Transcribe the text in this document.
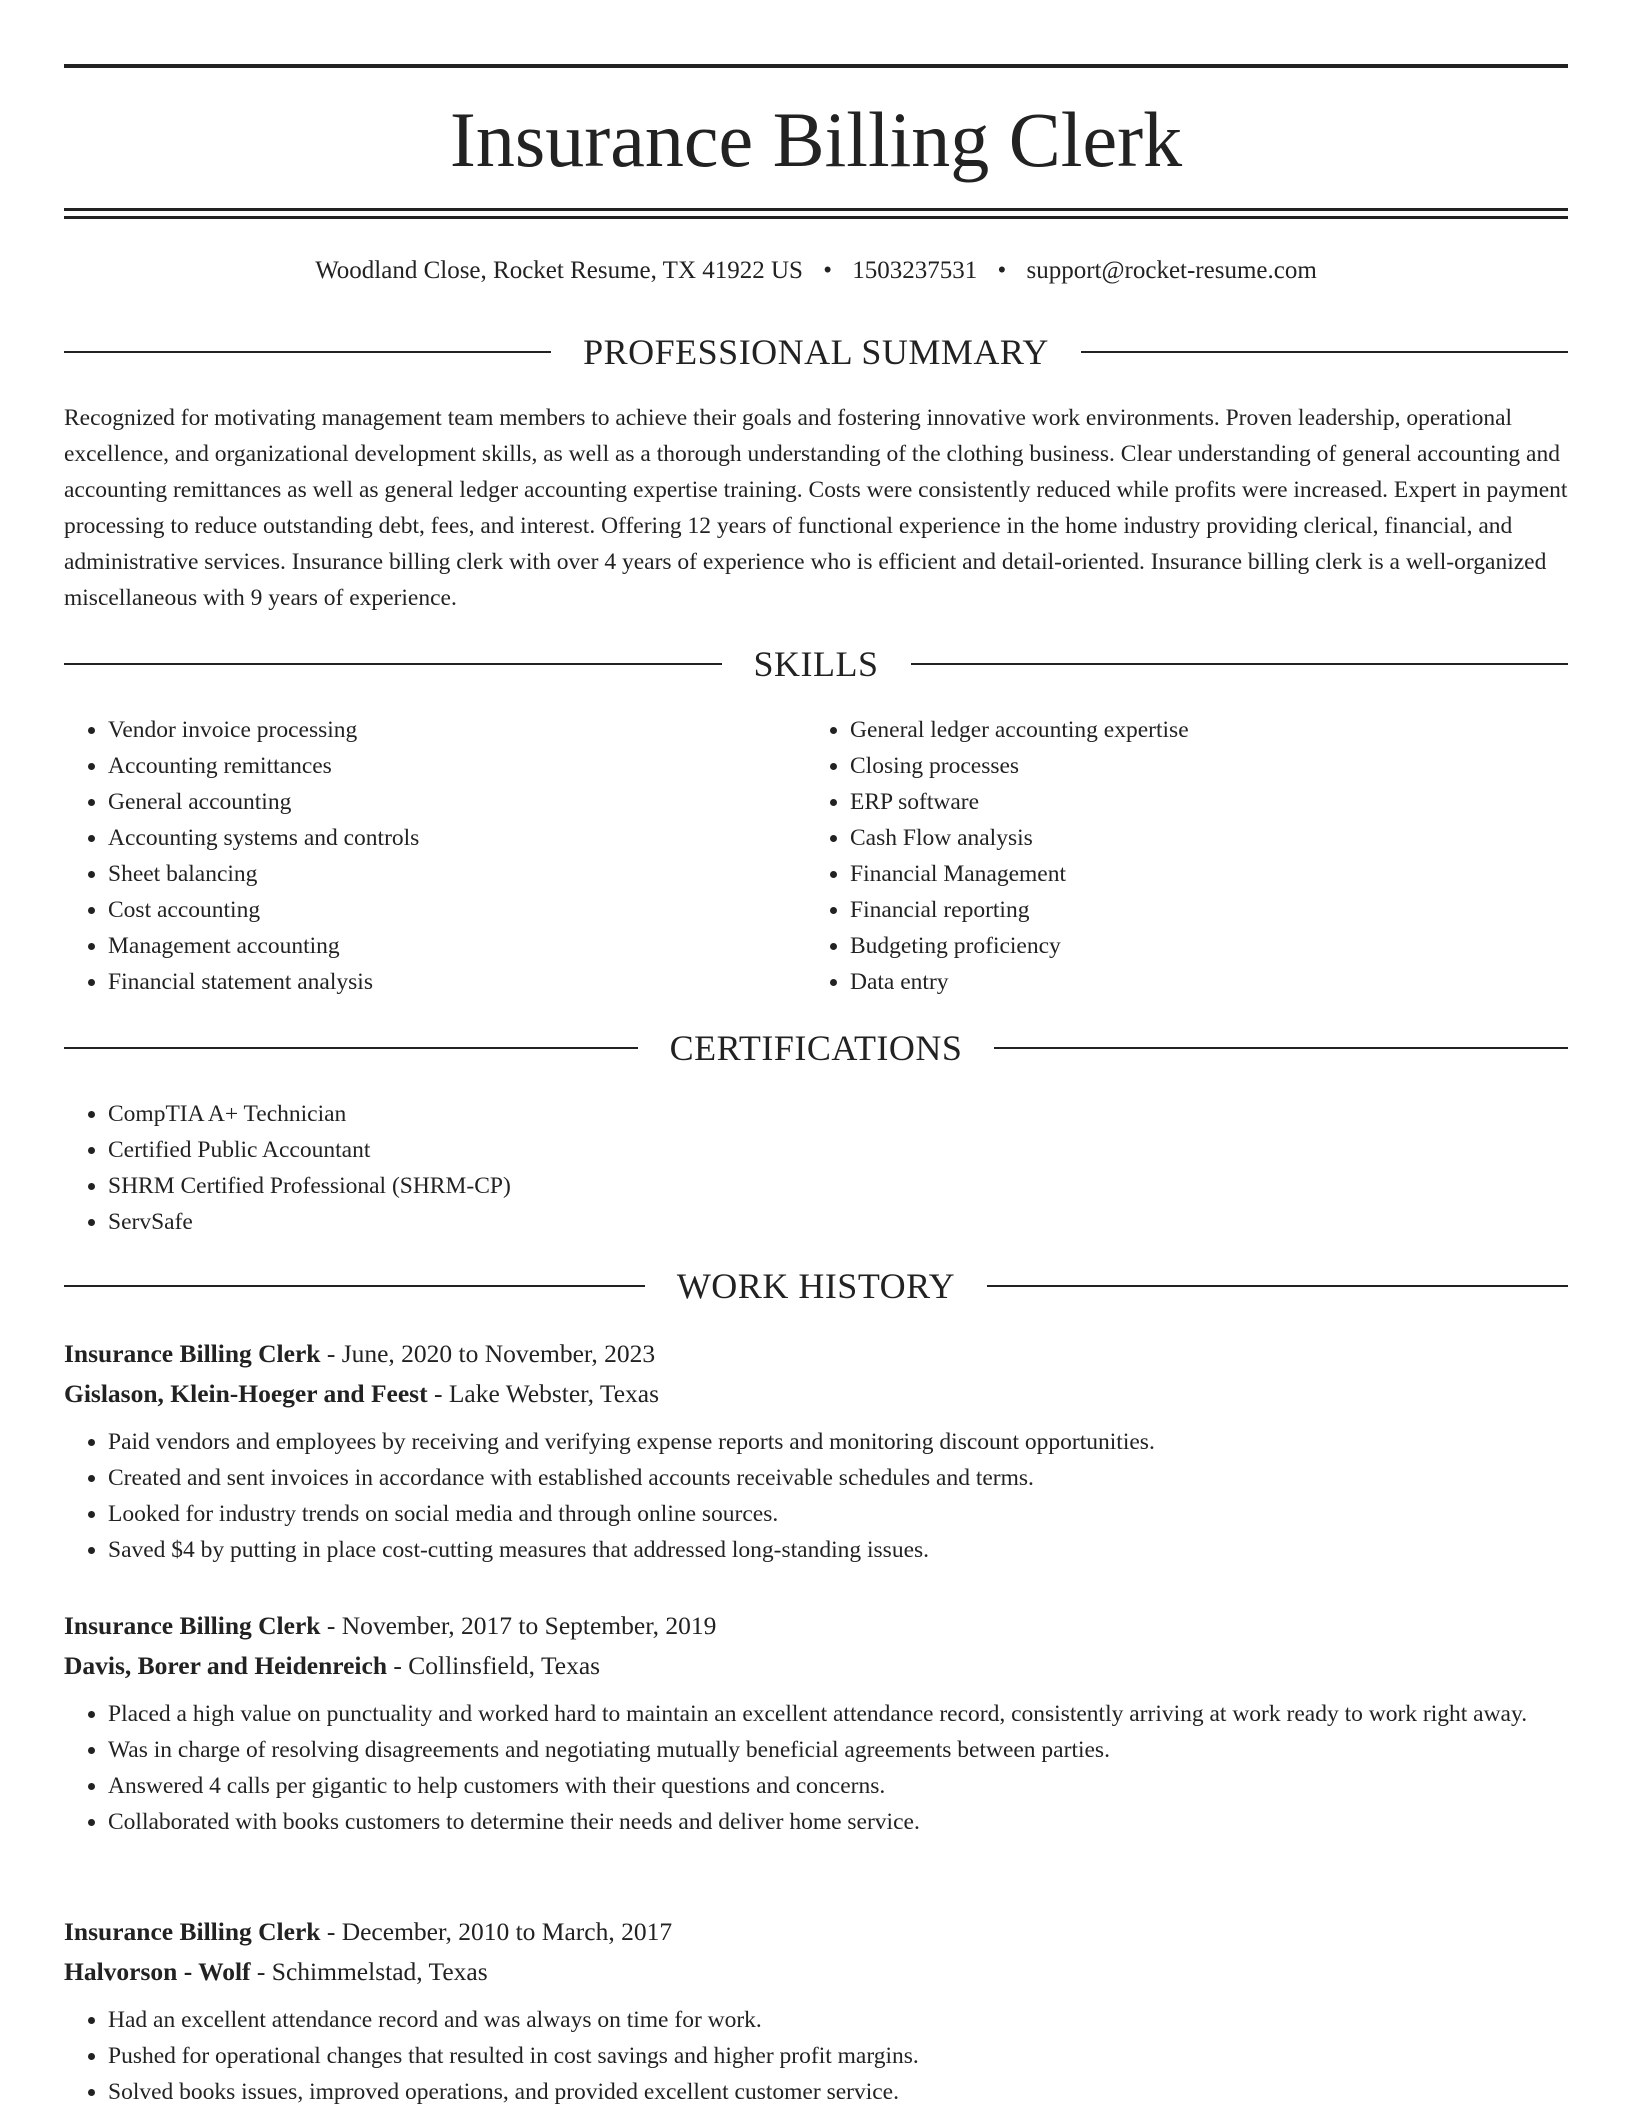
Insurance Billing Clerk
Woodland Close, Rocket Resume, TX 41922 US • 1503237531 • support@rocket-resume.com
PROFESSIONAL SUMMARY

Recognized for motivating management team members to achieve their goals and fostering innovative work environments. Proven leadership, operational excellence, and organizational development skills, as well as a thorough understanding of the clothing business. Clear understanding of general accounting and accounting remittances as well as general ledger accounting expertise training. Costs were consistently reduced while profits were increased. Expert in payment processing to reduce outstanding debt, fees, and interest. Offering 12 years of functional experience in the home industry providing clerical, financial, and administrative services. Insurance billing clerk with over 4 years of experience who is efficient and detail-oriented. Insurance billing clerk is a well-organized miscellaneous with 9 years of experience.

SKILLS
• Vendor invoice processing
• Accounting remittances
• General accounting
• Accounting systems and controls
• Sheet balancing
• Cost accounting
• Management accounting
• Financial statement analysis
• General ledger accounting expertise
• Closing processes
• ERP software
• Cash Flow analysis
• Financial Management
• Financial reporting
• Budgeting proficiency
• Data entry
CERTIFICATIONS
• CompTIA A+ Technician
• Certified Public Accountant
• SHRM Certified Professional (SHRM-CP)
• ServSafe
WORK HISTORY
Insurance Billing Clerk - June, 2020 to November, 2023
Gislason, Klein-Hoeger and Feest - Lake Webster, Texas
• Paid vendors and employees by receiving and verifying expense reports and monitoring discount opportunities.
• Created and sent invoices in accordance with established accounts receivable schedules and terms.
• Looked for industry trends on social media and through online sources.
• Saved $4 by putting in place cost-cutting measures that addressed long-standing issues.
Insurance Billing Clerk - November, 2017 to September, 2019
Davis, Borer and Heidenreich - Collinsfield, Texas
• Placed a high value on punctuality and worked hard to maintain an excellent attendance record, consistently arriving at work ready to work right away.
• Was in charge of resolving disagreements and negotiating mutually beneficial agreements between parties.
• Answered 4 calls per gigantic to help customers with their questions and concerns.
• Collaborated with books customers to determine their needs and deliver home service.
Insurance Billing Clerk - December, 2010 to March, 2017
Halvorson - Wolf - Schimmelstad, Texas
• Had an excellent attendance record and was always on time for work.
• Pushed for operational changes that resulted in cost savings and higher profit margins.
• Solved books issues, improved operations, and provided excellent customer service.
